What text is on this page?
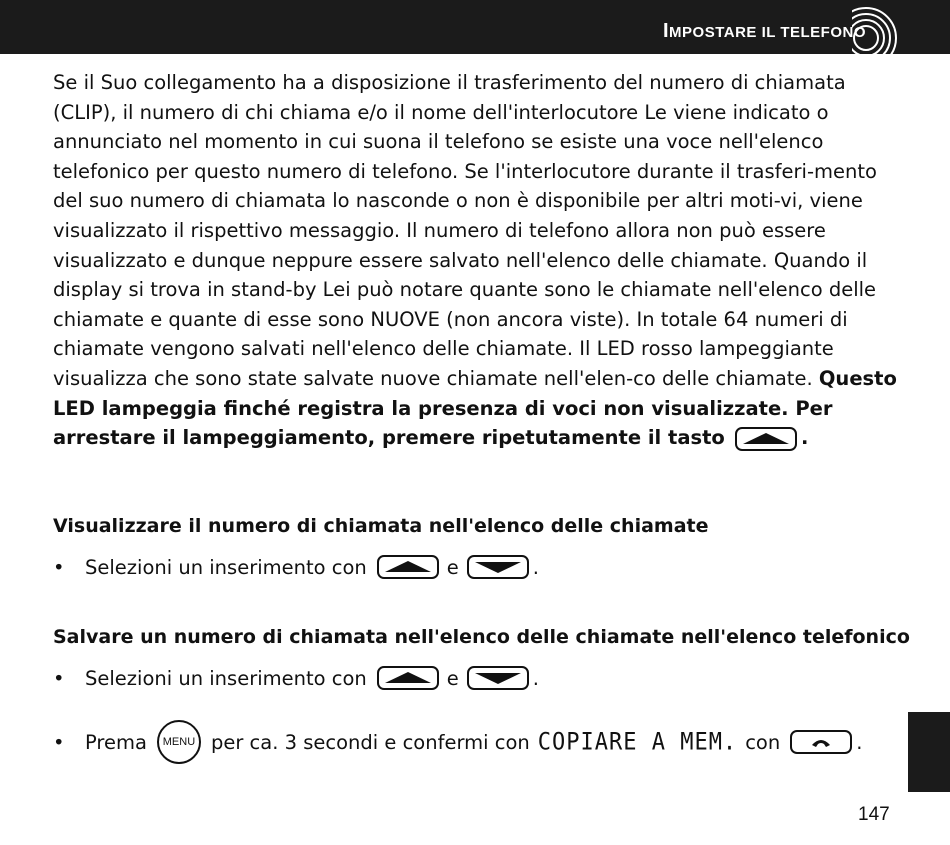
IMPOSTARE IL TELEFONO

Se il Suo collegamento ha a disposizione il trasferimento del numero di chiamata (CLIP), il numero di chi chiama e/o il nome dell'interlocutore Le viene indicato o annunciato nel momento in cui suona il telefono se esiste una voce nell'elenco telefonico per questo numero di telefono. Se l'interlocutore durante il trasferi-mento del suo numero di chiamata lo nasconde o non è disponibile per altri moti-vi, viene visualizzato il rispettivo messaggio. Il numero di telefono allora non può essere visualizzato e dunque neppure essere salvato nell'elenco delle chiamate. Quando il display si trova in stand-by Lei può notare quante sono le chiamate nell'elenco delle chiamate e quante di esse sono NUOVE (non ancora viste). In totale 64 numeri di chiamate vengono salvati nell'elenco delle chiamate. Il LED rosso lampeggiante visualizza che sono state salvate nuove chiamate nell'elen-co delle chiamate. Questo LED lampeggia finché registra la presenza di voci non visualizzate. Per arrestare il lampeggiamento, premere ripetutamente il tasto	.

Visualizzare il numero di chiamata nell'elenco delle chiamate
•	Selezioni un inserimento con	e	.
Salvare un numero di chiamata nell'elenco delle chiamate nell'elenco telefonico
•	Selezioni un inserimento con	e	.
•	Prema	MENU per ca. 3 secondi e confermi con COPIARE A MEM. con	.
147
